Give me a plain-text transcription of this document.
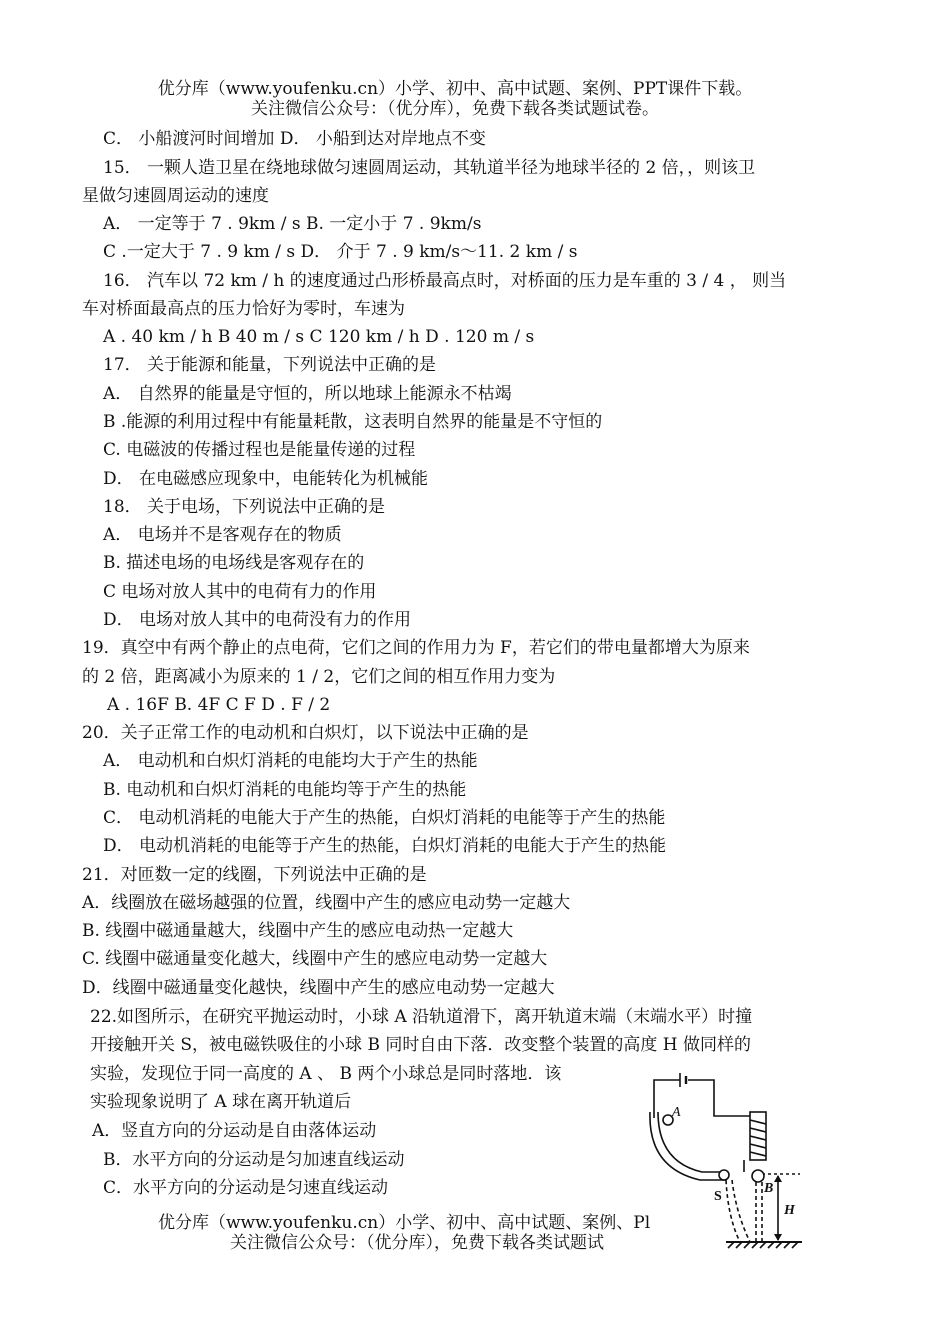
优分库（www.youfenku.cn）小学、初中、高中试题、案例、PPT课件下载。
关注微信公众号：（优分库），免费下载各类试题试卷。
C． 小船渡河时间增加 D． 小船到达对岸地点不变
15． 一颗人造卫星在绕地球做匀速圆周运动，其轨道半径为地球半径的 2 倍，，则该卫
星做匀速圆周运动的速度
A． 一定等于 7 . 9km / s B. 一定小于 7 . 9km/s
C .一定大于 7 . 9 km / s D． 介于 7 . 9 km/s～11. 2 km / s
16． 汽车以 72 km / h 的速度通过凸形桥最高点时，对桥面的压力是车重的 3 / 4 ， 则当
车对桥面最高点的压力恰好为零时，车速为
A . 40 km / h B 40 m / s C 120 km / h D . 120 m / s
17． 关于能源和能量，下列说法中正确的是
A． 自然界的能量是守恒的，所以地球上能源永不枯竭
B .能源的利用过程中有能量耗散，这表明自然界的能量是不守恒的
C. 电磁波的传播过程也是能量传递的过程
D． 在电磁感应现象中，电能转化为机械能
18． 关于电场，下列说法中正确的是
A． 电场并不是客观存在的物质
B. 描述电场的电场线是客观存在的
C 电场对放人其中的电荷有力的作用
D． 电场对放人其中的电荷没有力的作用
19．真空中有两个静止的点电荷，它们之间的作用力为 F，若它们的带电量都增大为原来
的 2 倍，距离减小为原来的 1 / 2，它们之间的相互作用力变为
A . 16F B. 4F C F D . F / 2
20．关子正常工作的电动机和白炽灯，以下说法中正确的是
A． 电动机和白炽灯消耗的电能均大于产生的热能
B. 电动机和白炽灯消耗的电能均等于产生的热能
C． 电动机消耗的电能大于产生的热能，白炽灯消耗的电能等于产生的热能
D． 电动机消耗的电能等于产生的热能，白炽灯消耗的电能大于产生的热能
21．对匝数一定的线圈，下列说法中正确的是
A．线圈放在磁场越强的位置，线圈中产生的感应电动势一定越大
B. 线圈中磁通量越大，线圈中产生的感应电动热一定越大
C. 线圈中磁通量变化越大，线圈中产生的感应电动势一定越大
D．线圈中磁通量变化越快，线圈中产生的感应电动势一定越大
22.如图所示，在研究平抛运动时，小球 A 沿轨道滑下，离开轨道末端（末端水平）时撞
开接触开关 S，被电磁铁吸住的小球 B 同时自由下落．改变整个装置的高度 H 做同样的
实验，发现位于同一高度的 A 、 B 两个小球总是同时落地．该
实验现象说明了 A 球在离开轨道后
A．竖直方向的分运动是自由落体运动
B．水平方向的分运动是匀加速直线运动
C．水平方向的分运动是匀速直线运动
优分库（www.youfenku.cn）小学、初中、高中试题、案例、Pl
关注微信公众号：（优分库），免费下载各类试题试
A
B
S
H
